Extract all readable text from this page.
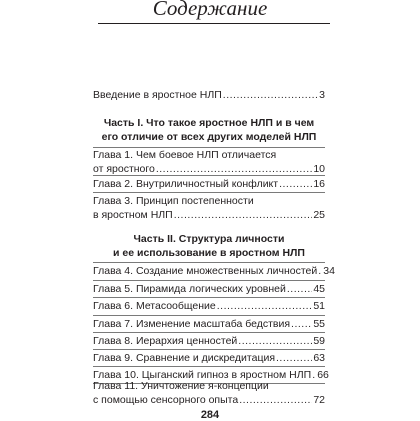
Содержание
Введение в яростное НЛП .....	3
Часть I. Что такое яростное НЛП и в чем
его отличие от всех других моделей НЛП
Глава 1. Чем боевое НЛП отличается
от яростного .....	10
Глава 2. Внутриличностный конфликт .....	16
Глава 3. Принцип постепенности
в яростном НЛП .....	25
Часть II. Структура личности
и ее использование в яростном НЛП
Глава 4. Создание множественных личностей ..... 34
Глава 5. Пирамида логических уровней .....	45
Глава 6. Метасообщение .....	51
Глава 7. Изменение масштаба бедствия ..... 55
Глава 8. Иерархия ценностей .....	59
Глава 9. Сравнение и дискредитация .....	63
Глава 10. Цыганский гипноз в яростном НЛП ..... 66
Глава 11. Уничтожение я-концепции
с помощью сенсорного опыта .....	72
284
